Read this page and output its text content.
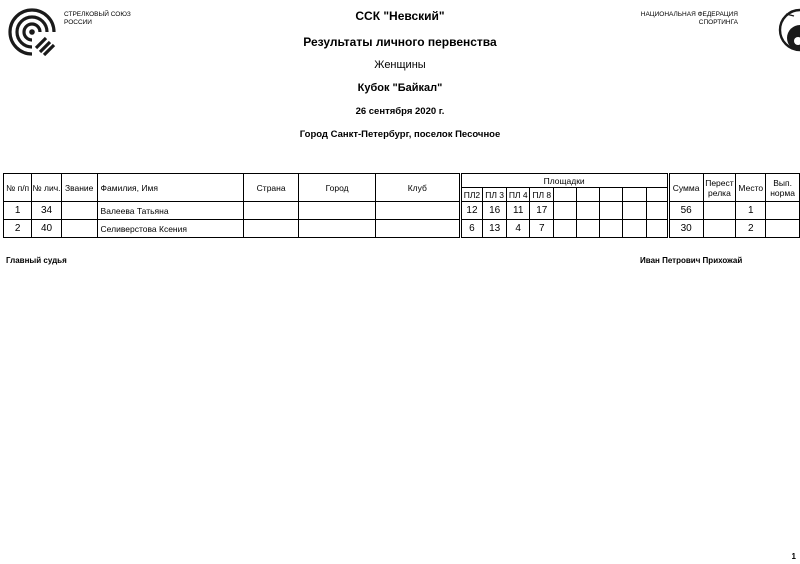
СТРЕЛКОВЫЙ СОЮЗ
РОССИИ
НАЦИОНАЛЬНАЯ ФЕДЕРАЦИЯ
СПОРТИНГА
ССК "Невский"
Результаты личного первенства
Женщины
Кубок "Байкал"
26 сентября 2020 г.
Город Санкт-Петербург, поселок Песочное
№ п/п	№ лич.	Звание	Фамилия, Имя	Страна	Город	Клуб	Площадки									Сумма	Перест релка	Место	Вып. норма
							ПЛ2	ПЛ 3	ПЛ 4	ПЛ 8									
1	34		Валеева Татьяна				12	16	11	17						56		1	
2	40		Селиверстова Ксения				6	13	4	7						30		2	
Главный судья	Иван Петрович Прихожай
1
